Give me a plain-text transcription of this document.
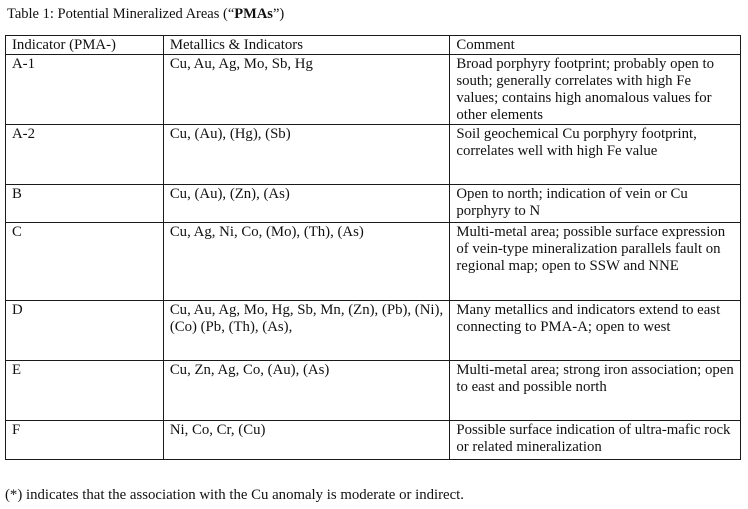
Table 1: Potential Mineralized Areas (“PMAs”)
Indicator (PMA-)	Metallics & Indicators	Comment
A-1	Cu, Au, Ag, Mo, Sb, Hg	Broad porphyry footprint; probably open to south; generally correlates with high Fe values; contains high anomalous values for other elements
A-2	Cu, (Au), (Hg), (Sb)	Soil geochemical Cu porphyry footprint, correlates well with high Fe value
B	Cu, (Au), (Zn), (As)	Open to north; indication of vein or Cu porphyry to N
C	Cu, Ag, Ni, Co, (Mo), (Th), (As)	Multi-metal area; possible surface expression of vein-type mineralization parallels fault on regional map; open to SSW and NNE
D	Cu, Au, Ag, Mo, Hg, Sb, Mn, (Zn), (Pb), (Ni), (Co) (Pb, (Th), (As),	Many metallics and indicators extend to east connecting to PMA-A; open to west
E	Cu, Zn, Ag, Co, (Au), (As)	Multi-metal area; strong iron association; open to east and possible north
F	Ni, Co, Cr, (Cu)	Possible surface indication of ultra-mafic rock or related mineralization
(*) indicates that the association with the Cu anomaly is moderate or indirect.
